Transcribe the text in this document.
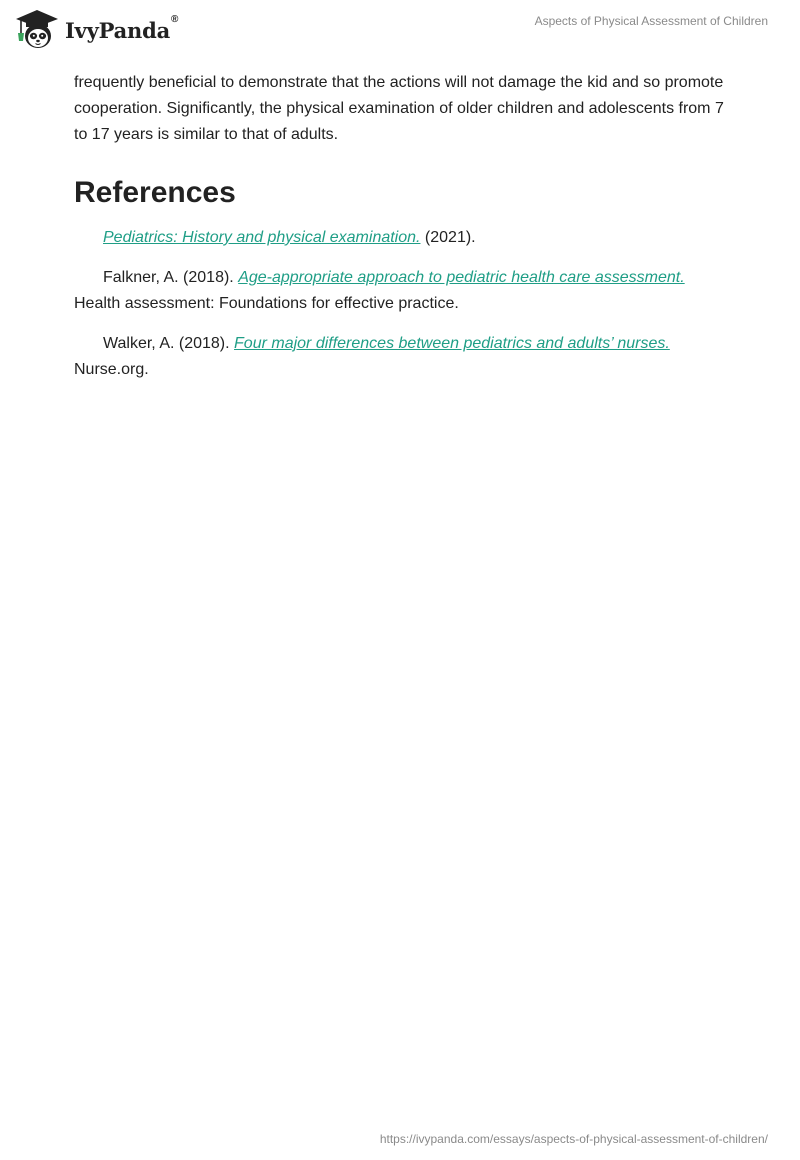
IvyPanda®	Aspects of Physical Assessment of Children

frequently beneficial to demonstrate that the actions will not damage the kid and so promote cooperation. Significantly, the physical examination of older children and adolescents from 7 to 17 years is similar to that of adults.

References

Pediatrics: History and physical examination. (2021).

Falkner, A. (2018). Age-appropriate approach to pediatric health care assessment. Health assessment: Foundations for effective practice.

Walker, A. (2018). Four major differences between pediatrics and adults’ nurses. Nurse.org.

https://ivypanda.com/essays/aspects-of-physical-assessment-of-children/
